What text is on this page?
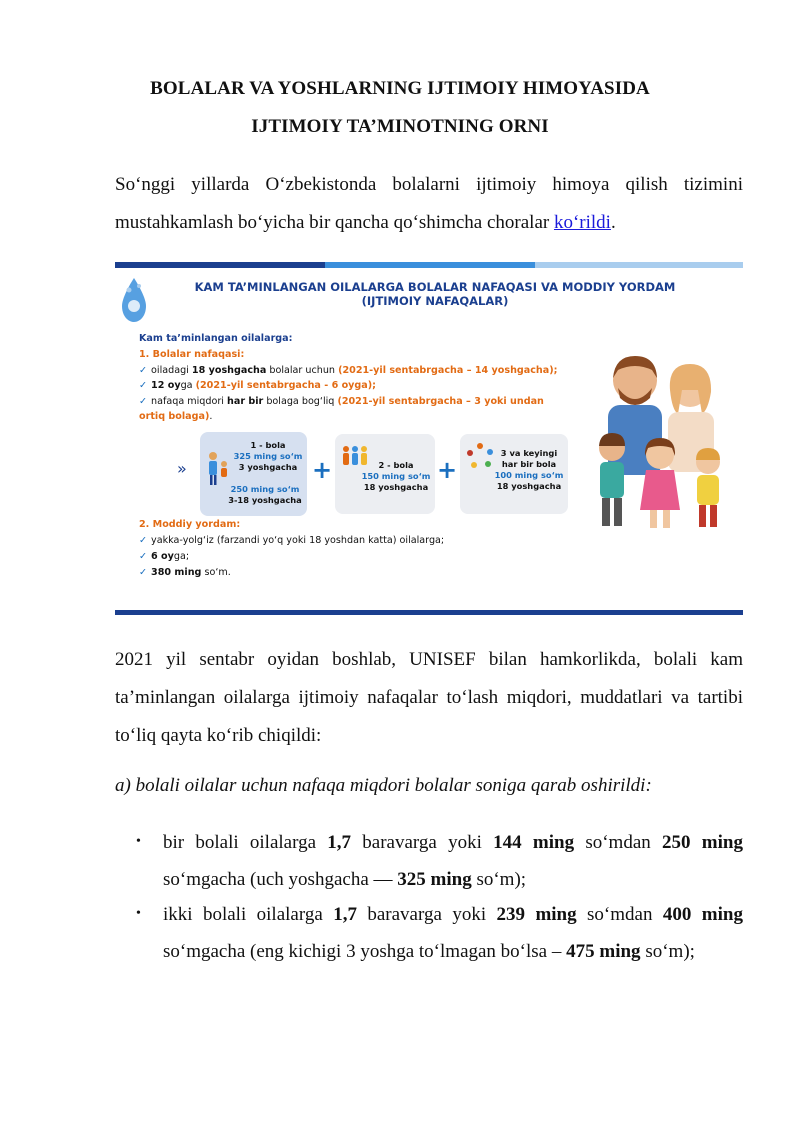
BOLALAR VA YOSHLARNING IJTIMOIY HIMOYASIDA
IJTIMOIY TA’MINOTNING ORNI
So‘nggi yillarda O‘zbekistonda bolalarni ijtimoiy himoya qilish tizimini mustahkamlash bo‘yicha bir qancha qo‘shimcha choralar ko‘rildi.
KAM TA’MINLANGAN OILALARGA BOLALAR NAFAQASI VA MODDIY YORDAM
(IJTIMOIY NAFAQALAR)
Kam ta’minlangan oilalarga:
1. Bolalar nafaqasi:
✓ oiladagi 18 yoshgacha bolalar uchun (2021-yil sentabrgacha – 14 yoshgacha);
✓ 12 oyga (2021-yil sentabrgacha - 6 oyga);
✓ nafaqa miqdori har bir bolaga bog‘liq (2021-yil sentabrgacha – 3 yoki undan
ortiq bolaga).
»
1 - bola
325 ming so‘m
3 yoshgacha
250 ming so‘m
3-18 yoshgacha
+	2 - bola
150 ming so‘m
18 yoshgacha
+
3 va keyingi
har bir bola
100 ming so‘m
18 yoshgacha
2. Moddiy yordam:
✓ yakka-yolg‘iz (farzandi yo‘q yoki 18 yoshdan katta) oilalarga;
✓ 6 oyga;
✓ 380 ming so‘m.
2021 yil sentabr oyidan boshlab, UNISEF bilan hamkorlikda, bolali kam ta’minlangan oilalarga ijtimoiy nafaqalar to‘lash miqdori, muddatlari va tartibi to‘liq qayta ko‘rib chiqildi:
a) bolali oilalar uchun nafaqa miqdori bolalar soniga qarab oshirildi:
• bir bolali oilalarga 1,7 baravarga yoki 144 ming so‘mdan 250 ming so‘mgacha (uch yoshgacha — 325 ming so‘m);
• ikki bolali oilalarga 1,7 baravarga yoki 239 ming so‘mdan 400 ming so‘mgacha (eng kichigi 3 yoshga to‘lmagan bo‘lsa – 475 ming so‘m);
